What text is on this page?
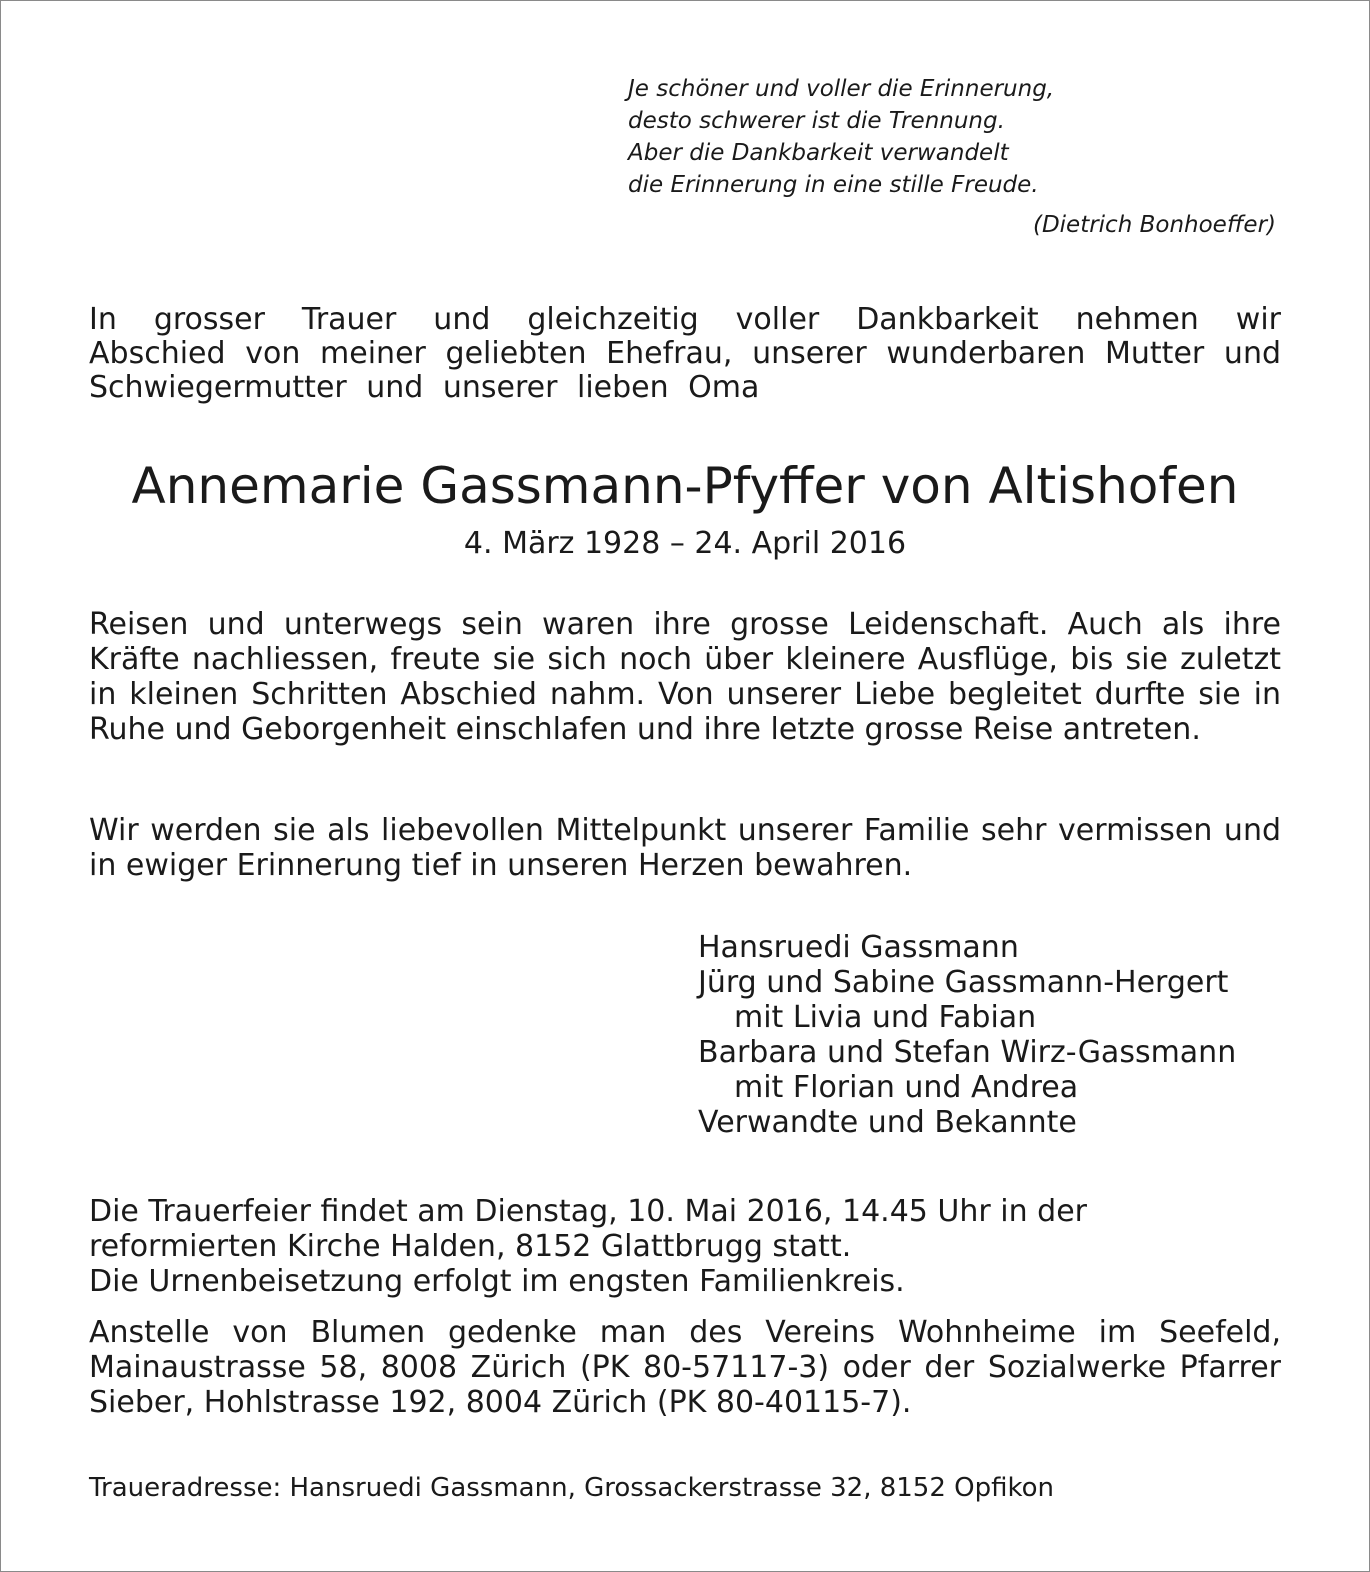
Je schöner und voller die Erinnerung,
desto schwerer ist die Trennung.
Aber die Dankbarkeit verwandelt
die Erinnerung in eine stille Freude.
(Dietrich Bonhoeffer)
In grosser Trauer und gleichzeitig voller Dankbarkeit nehmen wir Abschied von meiner geliebten Ehefrau, unserer wunderbaren Mutter und Schwiegermutter und unserer lieben Oma
Annemarie Gassmann-Pfyffer von Altishofen
4. März 1928 – 24. April 2016
Reisen und unterwegs sein waren ihre grosse Leidenschaft. Auch als ihre Kräfte nachliessen, freute sie sich noch über kleinere Ausflüge, bis sie zuletzt in kleinen Schritten Abschied nahm. Von unserer Liebe begleitet durfte sie in Ruhe und Geborgenheit einschlafen und ihre letzte grosse Reise antreten.
Wir werden sie als liebevollen Mittelpunkt unserer Familie sehr vermissen und in ewiger Erinnerung tief in unseren Herzen bewahren.
Hansruedi Gassmann
Jürg und Sabine Gassmann-Hergert
mit Livia und Fabian
Barbara und Stefan Wirz-Gassmann
mit Florian und Andrea
Verwandte und Bekannte
Die Trauerfeier findet am Dienstag, 10. Mai 2016, 14.45 Uhr in der
reformierten Kirche Halden, 8152 Glattbrugg statt.
Die Urnenbeisetzung erfolgt im engsten Familienkreis.
Anstelle von Blumen gedenke man des Vereins Wohnheime im Seefeld, Mainaustrasse 58, 8008 Zürich (PK 80-57117-3) oder der Sozialwerke Pfarrer Sieber, Hohlstrasse 192, 8004 Zürich (PK 80-40115-7).
Traueradresse: Hansruedi Gassmann, Grossackerstrasse 32, 8152 Opfikon
